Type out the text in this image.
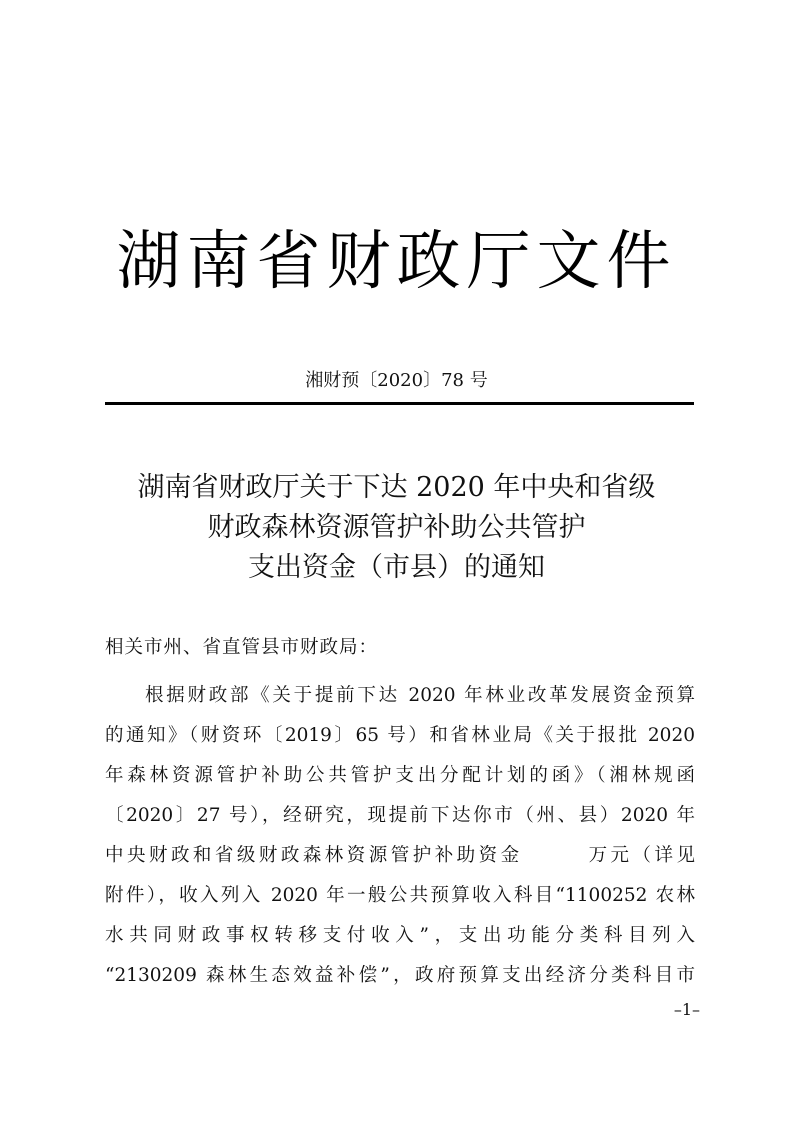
湖南省财政厅文件
湘财预〔2020〕78 号
湖南省财政厅关于下达 2020 年中央和省级
财政森林资源管护补助公共管护
支出资金（市县）的通知
相关市州、省直管县市财政局：
根据财政部《关于提前下达 2020 年林业改革发展资金预算
的通知》（财资环〔2019〕65 号）和省林业局《关于报批 2020
年森林资源管护补助公共管护支出分配计划的函》（湘林规函
〔2020〕27 号），经研究，现提前下达你市（州、县）2020 年
中央财政和省级财政森林资源管护补助资金　　　万元（详见
附件），收入列入 2020 年一般公共预算收入科目“1100252 农林
水共同财政事权转移支付收入”，支出功能分类科目列入
“2130209 森林生态效益补偿”，政府预算支出经济分类科目市
–1–
